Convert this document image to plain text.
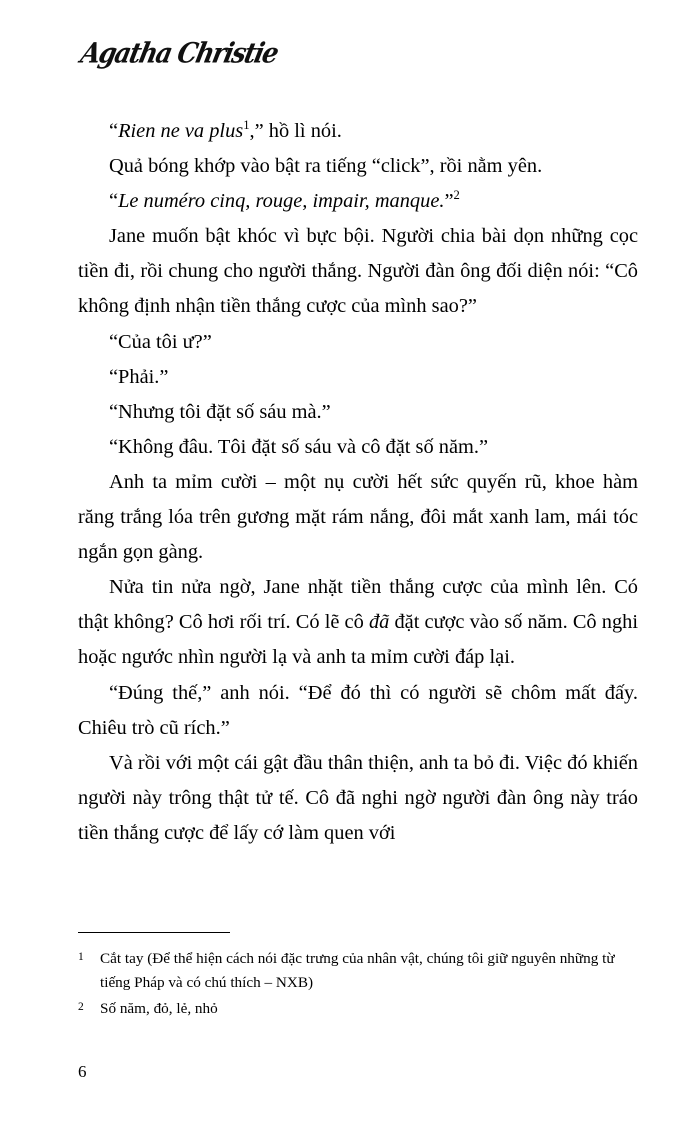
Agatha Christie

“Rien ne va plus$^1$,” hồ lì nói.

Quả bóng khớp vào bật ra tiếng “click”, rồi nằm yên.

“Le numéro cinq, rouge, impair, manque.”$^2$

Jane muốn bật khóc vì bực bội. Người chia bài dọn những cọc tiền đi, rồi chung cho người thắng. Người đàn ông đối diện nói: “Cô không định nhận tiền thắng cược của mình sao?”

“Của tôi ư?”

“Phải.”

“Nhưng tôi đặt số sáu mà.”

“Không đâu. Tôi đặt số sáu và cô đặt số năm.”

Anh ta mỉm cười – một nụ cười hết sức quyến rũ, khoe hàm răng trắng lóa trên gương mặt rám nắng, đôi mắt xanh lam, mái tóc ngắn gọn gàng.

Nửa tin nửa ngờ, Jane nhặt tiền thắng cược của mình lên. Có thật không? Cô hơi rối trí. Có lẽ cô đã đặt cược vào số năm. Cô nghi hoặc ngước nhìn người lạ và anh ta mỉm cười đáp lại.

“Đúng thế,” anh nói. “Để đó thì có người sẽ chôm mất đấy. Chiêu trò cũ rích.”

Và rồi với một cái gật đầu thân thiện, anh ta bỏ đi. Việc đó khiến người này trông thật tử tế. Cô đã nghi ngờ người đàn ông này tráo tiền thắng cược để lấy cớ làm quen với

1	Cắt tay (Để thể hiện cách nói đặc trưng của nhân vật, chúng tôi giữ nguyên những từ tiếng Pháp và có chú thích – NXB)
2	Số năm, đỏ, lẻ, nhỏ
6
